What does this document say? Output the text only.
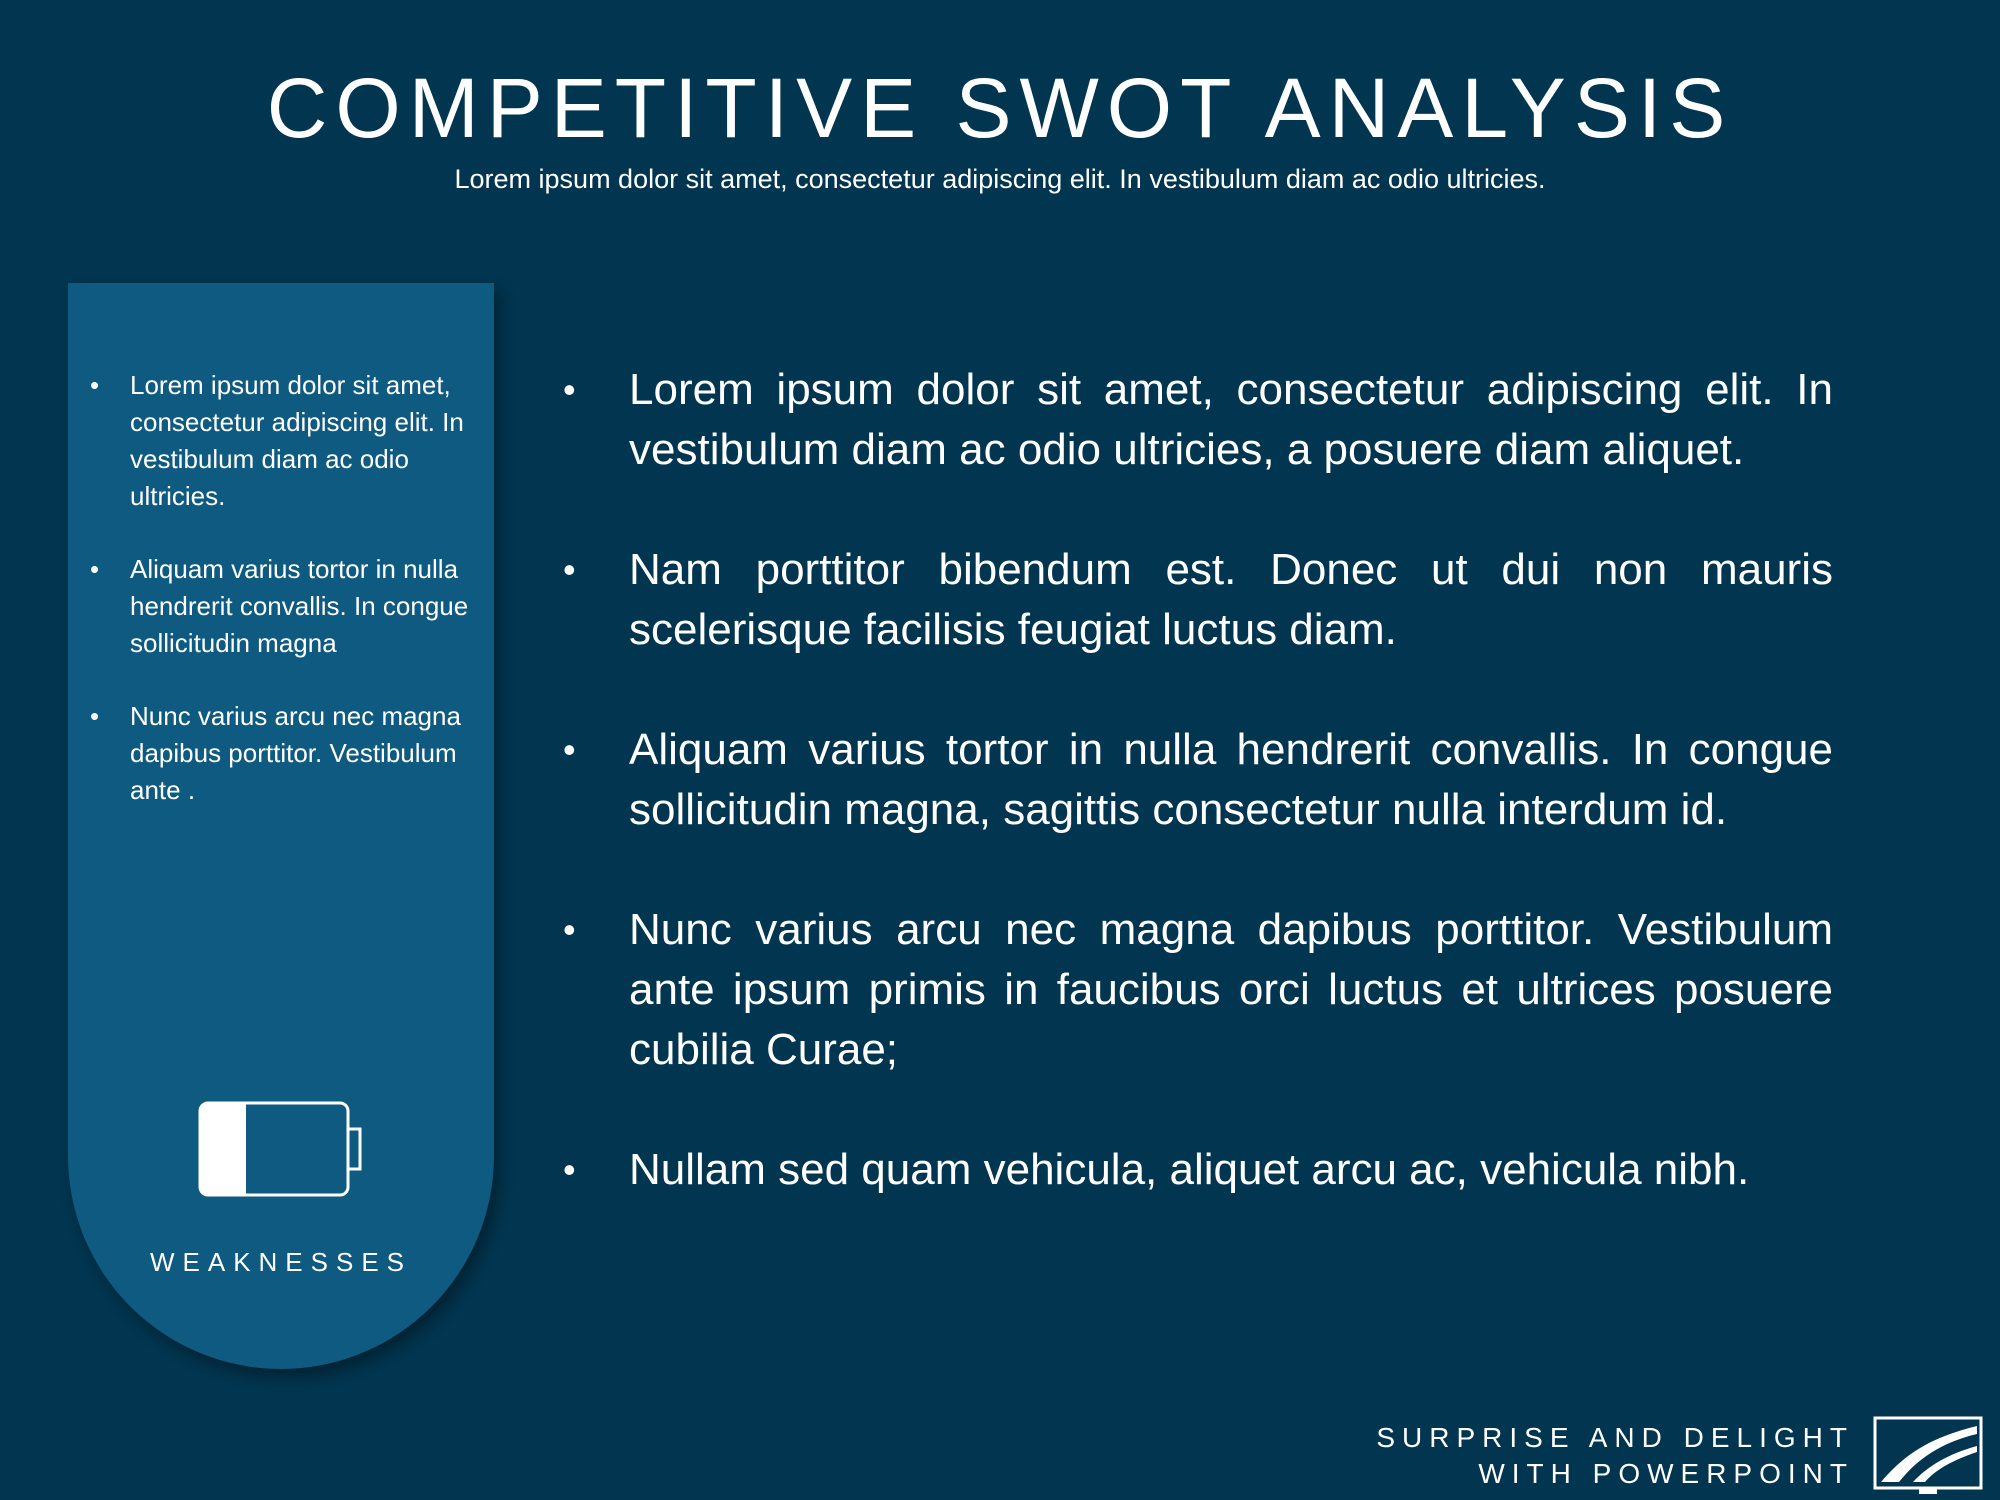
COMPETITIVE SWOT ANALYSIS

Lorem ipsum dolor sit amet, consectetur adipiscing elit. In vestibulum diam ac odio ultricies.

• Lorem ipsum dolor sit amet, consectetur adipiscing elit. In vestibulum diam ac odio ultricies.
• Aliquam varius tortor in nulla hendrerit convallis. In congue sollicitudin magna
• Nunc varius arcu nec magna dapibus porttitor. Vestibulum ante .
WEAKNESSES
• Lorem ipsum dolor sit amet, consectetur adipiscing elit. In vestibulum diam ac odio ultricies, a posuere diam aliquet.
• Nam porttitor bibendum est. Donec ut dui non mauris scelerisque facilisis feugiat luctus diam.
• Aliquam varius tortor in nulla hendrerit convallis. In congue sollicitudin magna, sagittis consectetur nulla interdum id.
• Nunc varius arcu nec magna dapibus porttitor. Vestibulum ante ipsum primis in faucibus orci luctus et ultrices posuere cubilia Curae;
• Nullam sed quam vehicula, aliquet arcu ac, vehicula nibh.
SURPRISE AND DELIGHT
WITH POWERPOINT
